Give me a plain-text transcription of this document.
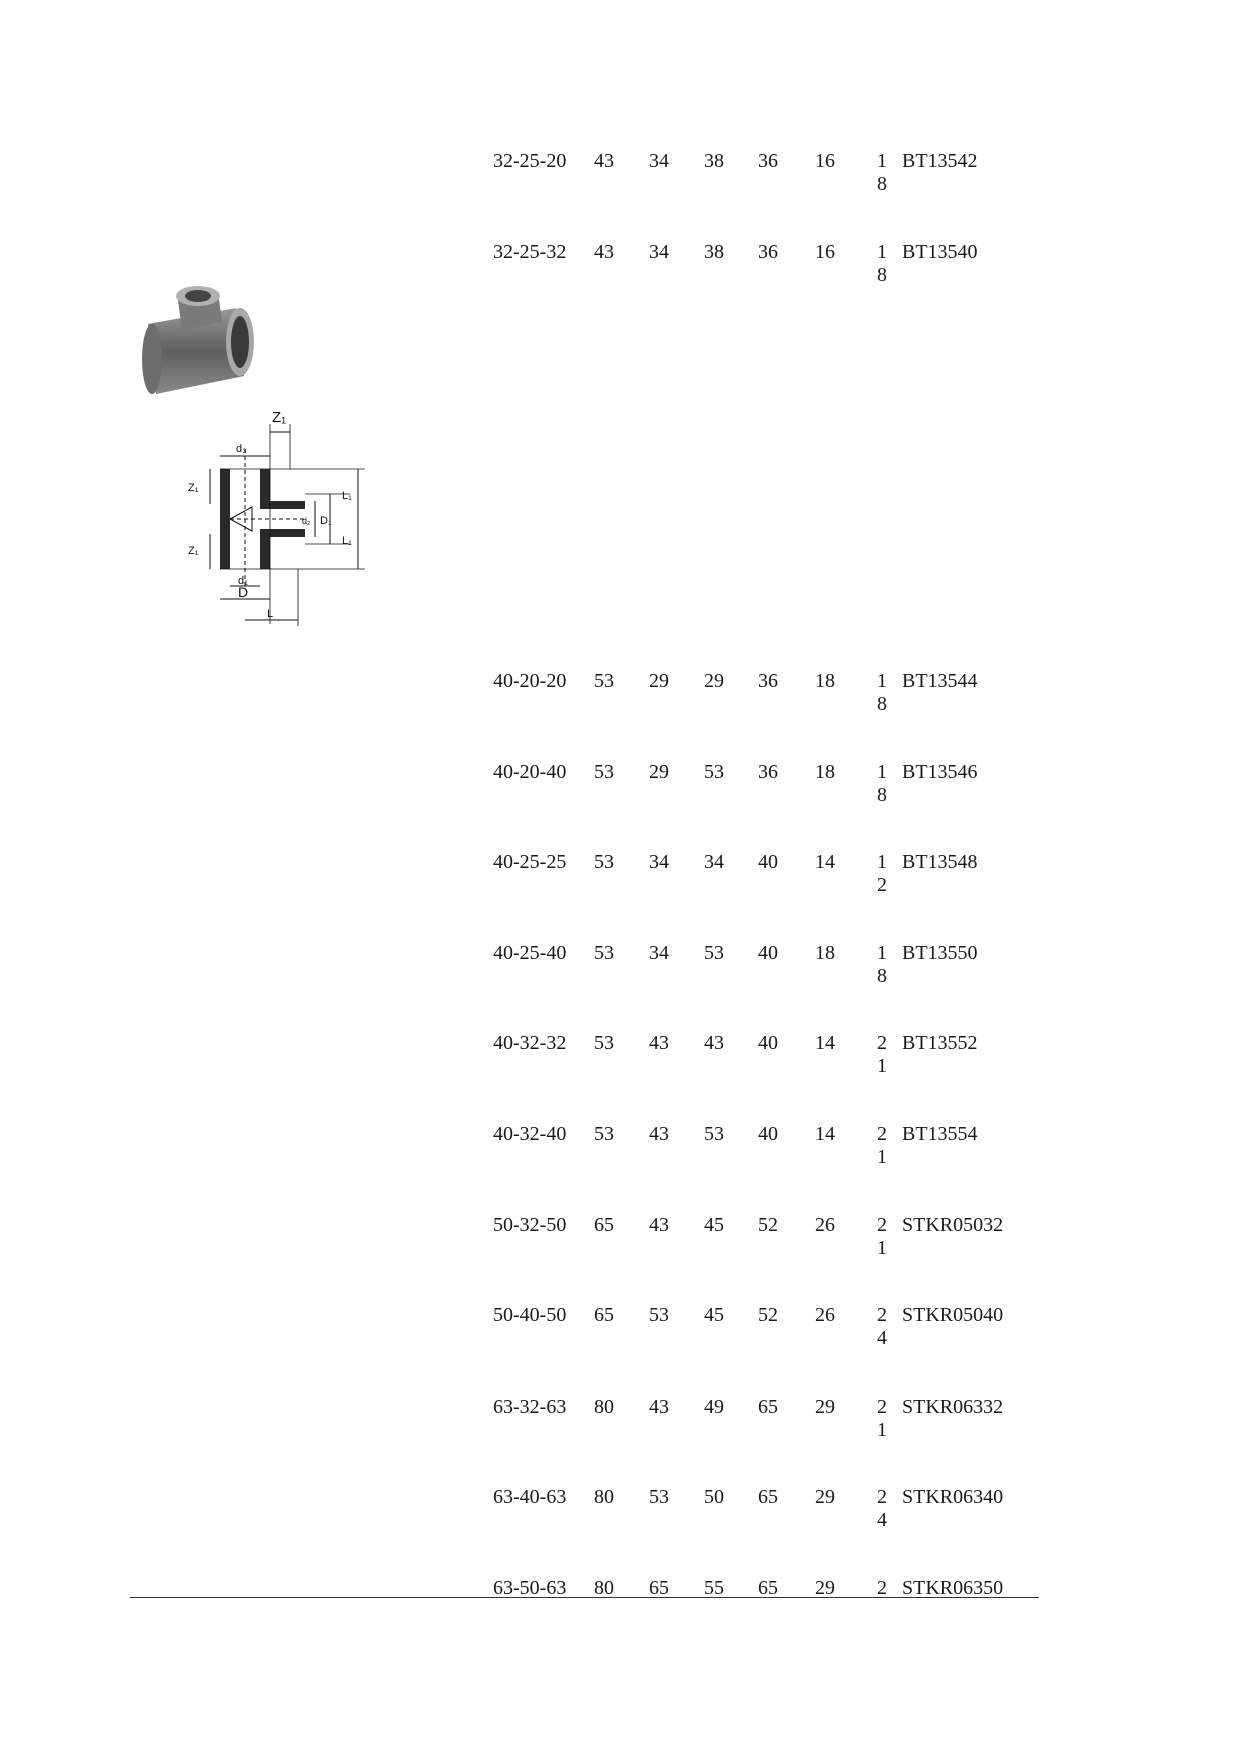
Z₁
d₃
Z₁
Z₁
d₂ D₁
L₁
L₁
d₁
D
L
32-25-20 43 34 38 36 16 18
BT13542
32-25-32 43 34 38 36 16 18
BT13540
40-20-20 53 29 29 36 18 18
BT13544
40-20-40 53 29 53 36 18 18
BT13546
40-25-25 53 34 34 40 14 12
BT13548
40-25-40 53 34 53 40 18 18
BT13550
40-32-32 53 43 43 40 14 21
BT13552
40-32-40 53 43 53 40 14 21
BT13554
50-32-50 65 43 45 52 26 21
STKR05032
50-40-50 65 53 45 52 26 24
STKR05040
63-32-63 80 43 49 65 29 21
STKR06332
63-40-63 80 53 50 65 29 24
STKR06340
63-50-63 80 65 55 65 29 2 STKR06350
